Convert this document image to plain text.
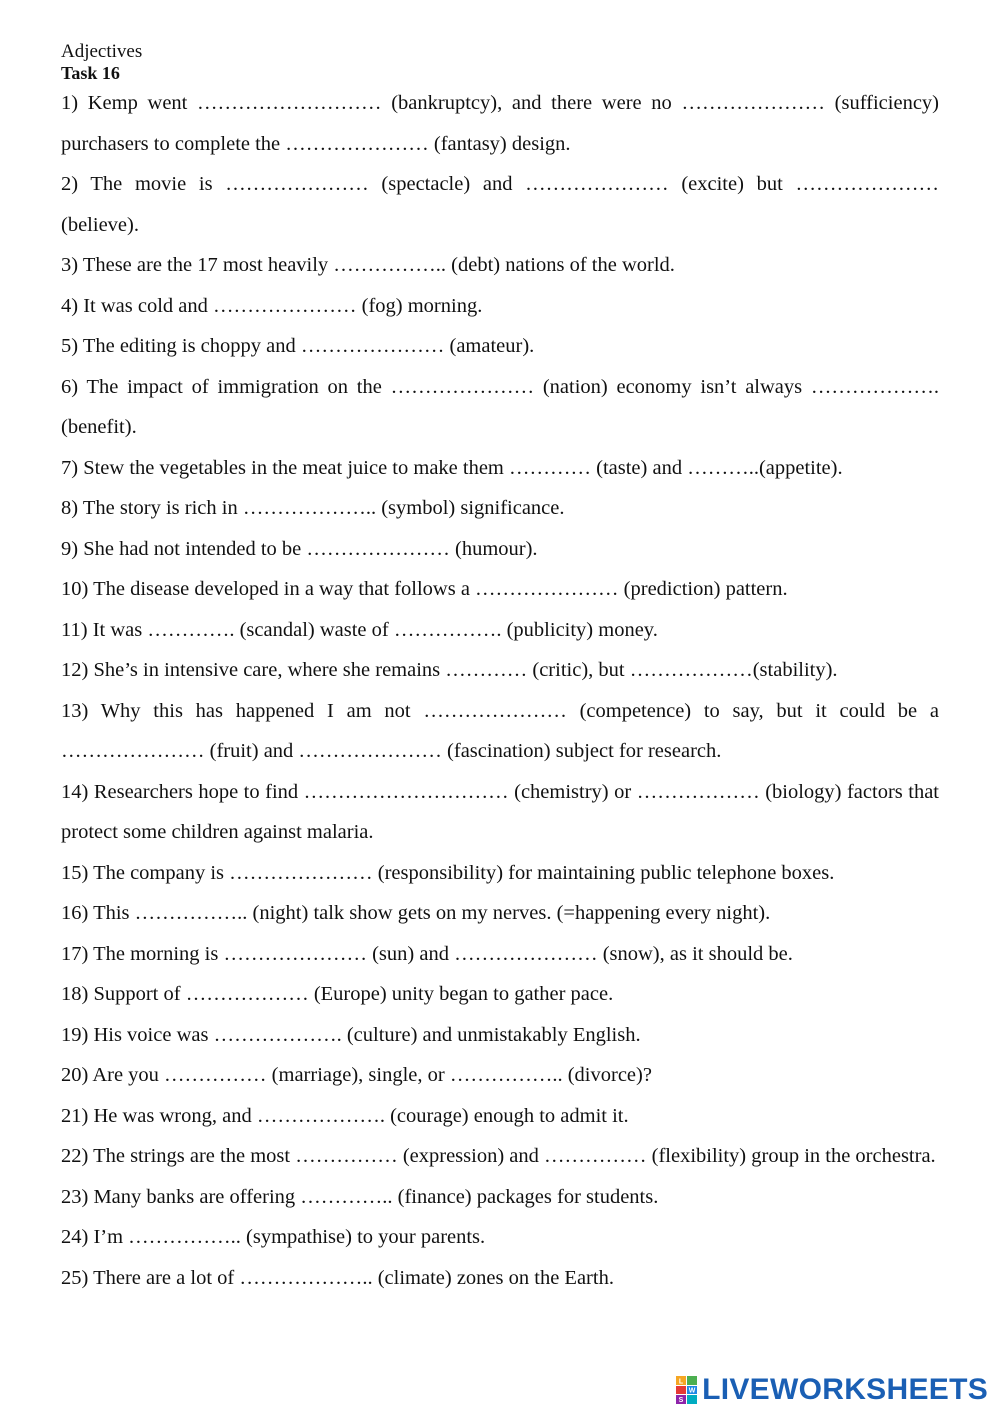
Adjectives
Task 16
1) Kemp went ……………………… (bankruptcy), and there were no ………………… (sufficiency) purchasers to complete the ………………… (fantasy) design.
2) The movie is ………………… (spectacle) and ………………… (excite) but ………………… (believe).
3) These are the 17 most heavily …………….. (debt) nations of the world.
4) It was cold and ………………… (fog) morning.
5) The editing is choppy and ………………… (amateur).
6) The impact of immigration on the ………………… (nation) economy isn’t always ………………. (benefit).
7) Stew the vegetables in the meat juice to make them ………… (taste) and ………..(appetite).
8) The story is rich in ……………….. (symbol) significance.
9) She had not intended to be ………………… (humour).
10) The disease developed in a way that follows a ………………… (prediction) pattern.
11) It was …………. (scandal) waste of ……………. (publicity) money.
12) She’s in intensive care, where she remains ………… (critic), but ………………(stability).
13) Why this has happened I am not ………………… (competence) to say, but it could be a ………………… (fruit) and ………………… (fascination) subject for research.
14) Researchers hope to find ………………………… (chemistry) or ……………… (biology) factors that protect some children against malaria.
15) The company is ………………… (responsibility) for maintaining public telephone boxes.
16) This …………….. (night) talk show gets on my nerves. (=happening every night).
17) The morning is ………………… (sun) and ………………… (snow), as it should be.
18) Support of ……………… (Europe) unity began to gather pace.
19) His voice was ………………. (culture) and unmistakably English.
20) Are you …………… (marriage), single, or …………….. (divorce)?
21) He was wrong, and ………………. (courage) enough to admit it.
22) The strings are the most …………… (expression) and …………… (flexibility) group in the orchestra.
23) Many banks are offering ………….. (finance) packages for students.
24) I’m …………….. (sympathise) to your parents.
25) There are a lot of ……………….. (climate) zones on the Earth.
L
W
S LIVEWORKSHEETS
